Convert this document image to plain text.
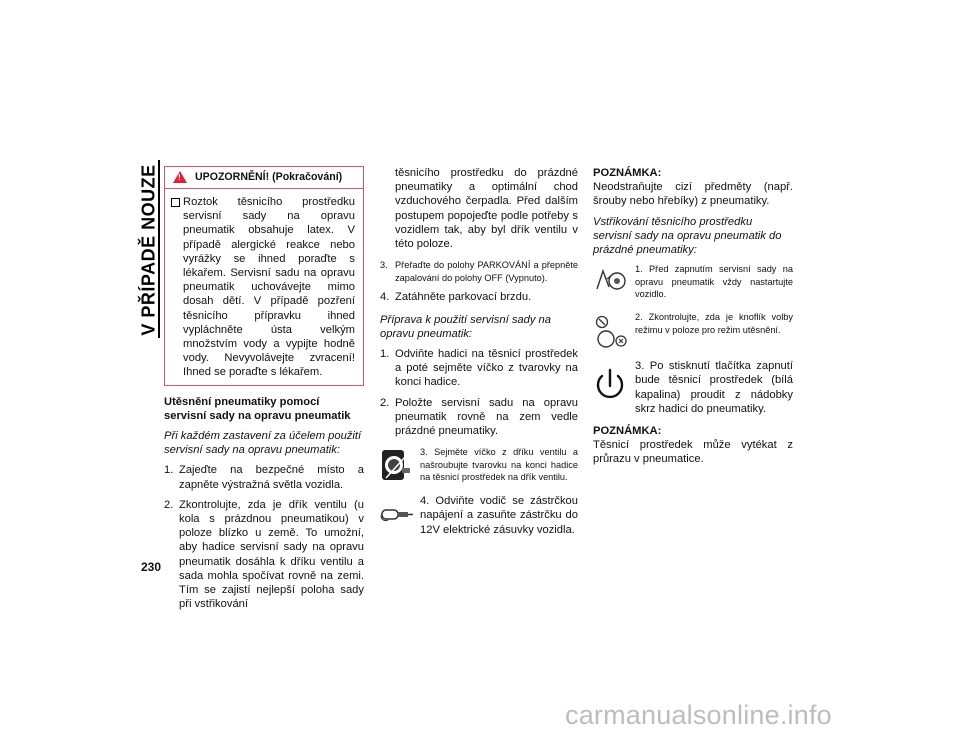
V PŘÍPADĚ NOUZE
230
! UPOZORNĚNÍ! (Pokračování)
Roztok těsnicího prostředku servisní sady na opravu pneumatik obsahuje latex. V případě alergické reakce nebo vyrážky se ihned poraďte s lékařem. Servisní sadu na opravu pneumatik uchovávejte mimo dosah dětí. V případě pozření těsnicího přípravku ihned vypláchněte ústa velkým množstvím vody a vypijte hodně vody. Nevyvolávejte zvracení! Ihned se poraďte s lékařem.

Utěsnění pneumatiky pomocí servisní sady na opravu pneumatik

Při každém zastavení za účelem použití servisní sady na opravu pneumatik:

1. Zajeďte na bezpečné místo a zapněte výstražná světla vozidla.
2. Zkontrolujte, zda je dřík ventilu (u kola s prázdnou pneumatikou) v poloze blízko u země. To umožní, aby hadice servisní sady na opravu pneumatik dosáhla k dříku ventilu a sada mohla spočívat rovně na zemi. Tím se zajistí nejlepší poloha sady při vstřikování

těsnicího prostředku do prázdné pneumatiky a optimální chod vzduchového čerpadla. Před dalším postupem popojeďte podle potřeby s vozidlem tak, aby byl dřík ventilu v této poloze.

3. Přeřaďte do polohy PARKOVÁNÍ a přepněte zapalování do polohy OFF (Vypnuto).
4. Zatáhněte parkovací brzdu.

Příprava k použití servisní sady na opravu pneumatik:

1. Odviňte hadici na těsnicí prostředek a poté sejměte víčko z tvarovky na konci hadice.
2. Položte servisní sadu na opravu pneumatik rovně na zem vedle prázdné pneumatiky.
3. Sejměte víčko z dříku ventilu a našroubujte tvarovku na konci hadice na těsnicí prostředek na dřík ventilu.
4. Odviňte vodič se zástrčkou napájení a zasuňte zástrčku do 12V elektrické zásuvky vozidla.

POZNÁMKA:

Neodstraňujte cizí předměty (např. šrouby nebo hřebíky) z pneumatiky.

Vstřikování těsnicího prostředku servisní sady na opravu pneumatik do prázdné pneumatiky:

1. Před zapnutím servisní sady na opravu pneumatik vždy nastartujte vozidlo.
2. Zkontrolujte, zda je knoflík volby režimu v poloze pro režim utěsnění.
3. Po stisknutí tlačítka zapnutí bude těsnicí prostředek (bílá kapalina) proudit z nádobky skrz hadici do pneumatiky.

POZNÁMKA:

Těsnicí prostředek může vytékat z průrazu v pneumatice.

carmanualsonline.info
